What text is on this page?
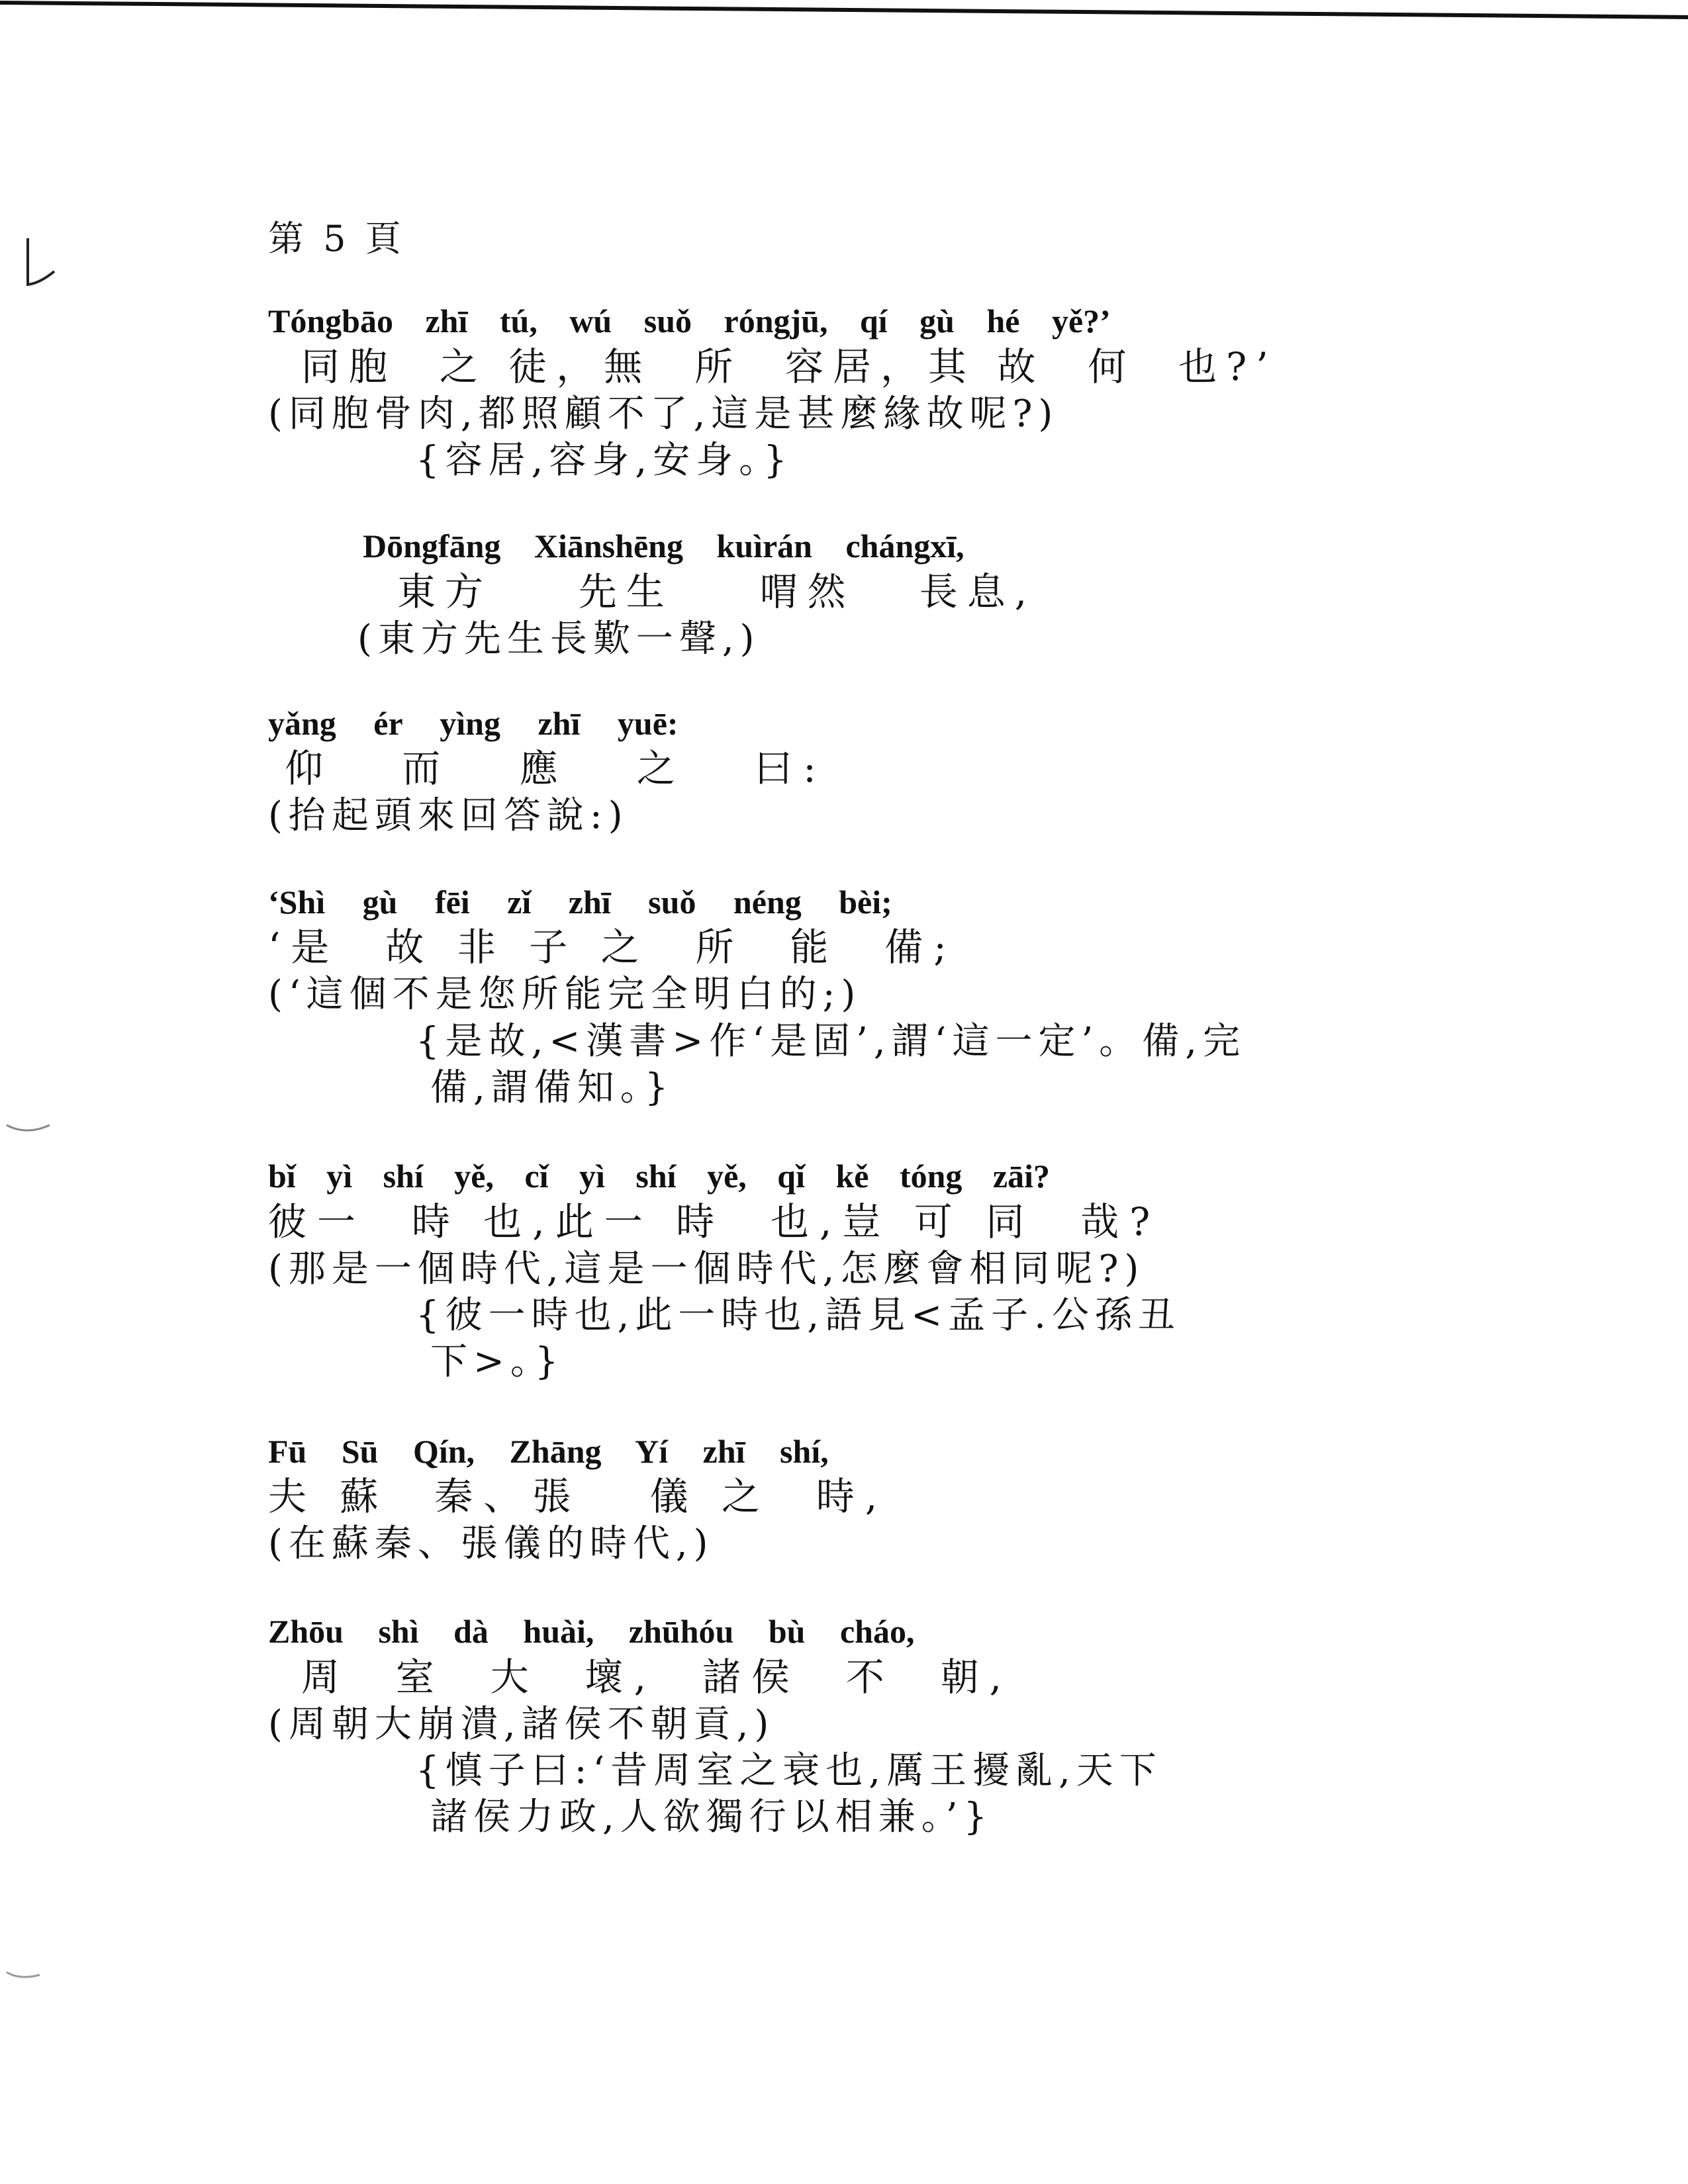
第 5 頁
Tóngbāo zhī tú, wú suǒ róngjū, qí gù hé yě?’
同胞  之 徒，無  所  容居，其 故  何  也?’
(同胞骨肉,都照顧不了,這是甚麼緣故呢?)
{容居,容身,安身。}
Dōngfāng Xiānshēng kuìrán chángxī,
東方    先生    喟然   長息,
(東方先生長歎一聲,)
yǎng ér yìng zhī yuē:
仰   而   應   之   曰:
(抬起頭來回答說:)
‘Shì gù fēi zǐ zhī suǒ néng bèi;
‘是  故 非 子 之  所  能  備;
(‘這個不是您所能完全明白的;)
{是故,<漢書>作‘是固’,謂‘這一定’。備,完
備,謂備知。}
bǐ yì shí yě, cǐ yì shí yě, qǐ kě tóng zāi?
彼一  時 也,此一 時  也,豈 可 同  哉?
(那是一個時代,這是一個時代,怎麼會相同呢?)
{彼一時也,此一時也,語見<孟子.公孫丑
下>。}
Fū Sū Qín, Zhāng Yí zhī shí,
夫 蘇  秦、張   儀 之  時,
(在蘇秦、張儀的時代,)
Zhōu shì dà huài, zhūhóu bù cháo,
周  室  大  壞,  諸侯  不  朝,
(周朝大崩潰,諸侯不朝貢,)
{慎子曰:‘昔周室之衰也,厲王擾亂,天下
諸侯力政,人欲獨行以相兼。’}
